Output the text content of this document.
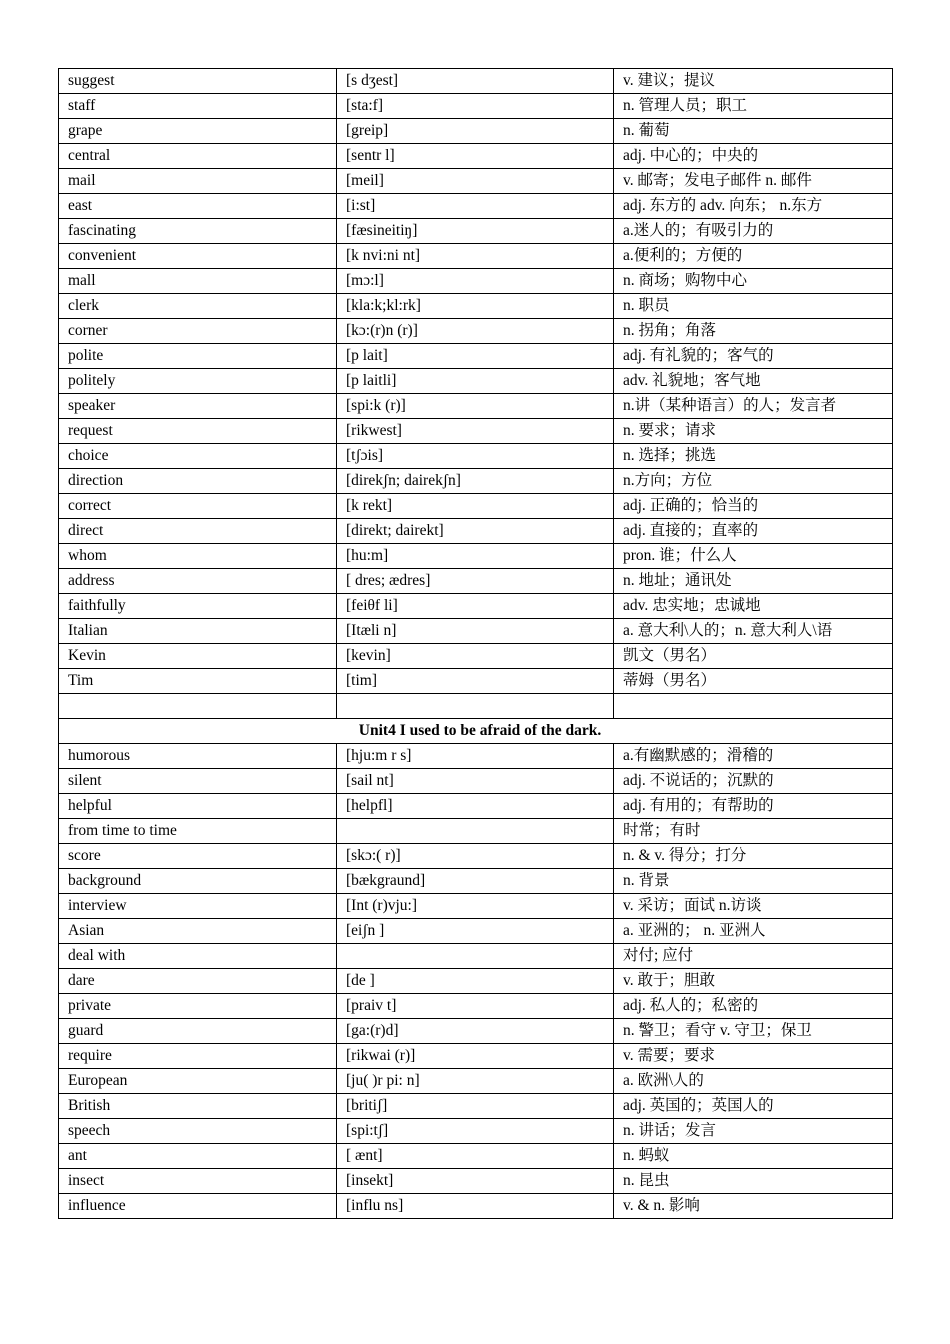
suggest	[s dʒest]	v. 建议；提议
staff	[sta:f]	n. 管理人员；职工
grape	[greip]	n. 葡萄
central	[sentr l]	adj. 中心的；中央的
mail	[meil]	v. 邮寄；发电子邮件 n. 邮件
east	[i:st]	adj. 东方的 adv. 向东； n.东方
fascinating	[fæsineitiŋ]	a.迷人的；有吸引力的
convenient	[k nvi:ni nt]	a.便利的；方便的
mall	[mɔ:l]	n. 商场；购物中心
clerk	[kla:k;kl:rk]	n. 职员
corner	[kɔ:(r)n (r)]	n. 拐角；角落
polite	[p lait]	adj. 有礼貌的；客气的
politely	[p laitli]	adv. 礼貌地；客气地
speaker	[spi:k (r)]	n.讲（某种语言）的人；发言者
request	[rikwest]	n. 要求；请求
choice	[tʃɔis]	n. 选择；挑选
direction	[direkʃn; dairekʃn]	n.方向；方位
correct	[k rekt]	adj. 正确的；恰当的
direct	[direkt; dairekt]	adj. 直接的；直率的
whom	[hu:m]	pron. 谁；什么人
address	[ dres; ædres]	n. 地址；通讯处
faithfully	[feiθf li]	adv. 忠实地；忠诚地
Italian	[Itæli n]	a. 意大利\人的；n. 意大利人\语
Kevin	[kevin]	凯文（男名）
Tim	[tim]	蒂姆（男名）

Unit4 I used to be afraid of the dark.		
humorous	[hju:m r s]	a.有幽默感的；滑稽的
silent	[sail nt]	adj. 不说话的；沉默的
helpful	[helpfl]	adj. 有用的；有帮助的
from time to time		时常；有时
score	[skɔ:( r)]	n. & v. 得分；打分
background	[bækgraund]	n. 背景
interview	[Int (r)vju:]	v. 采访；面试 n.访谈
Asian	[eiʃn ]	a. 亚洲的； n. 亚洲人
deal with		对付; 应付
dare	[de ]	v. 敢于；胆敢
private	[praiv t]	adj. 私人的；私密的
guard	[ga:(r)d]	n. 警卫；看守 v. 守卫；保卫
require	[rikwai (r)]	v. 需要；要求
European	[ju( )r pi: n]	a. 欧洲\人的
British	[britiʃ]	adj. 英国的；英国人的
speech	[spi:tʃ]	n. 讲话；发言
ant	[ ænt]	n. 蚂蚁
insect	[insekt]	n. 昆虫
influence	[influ ns]	v. & n. 影响
